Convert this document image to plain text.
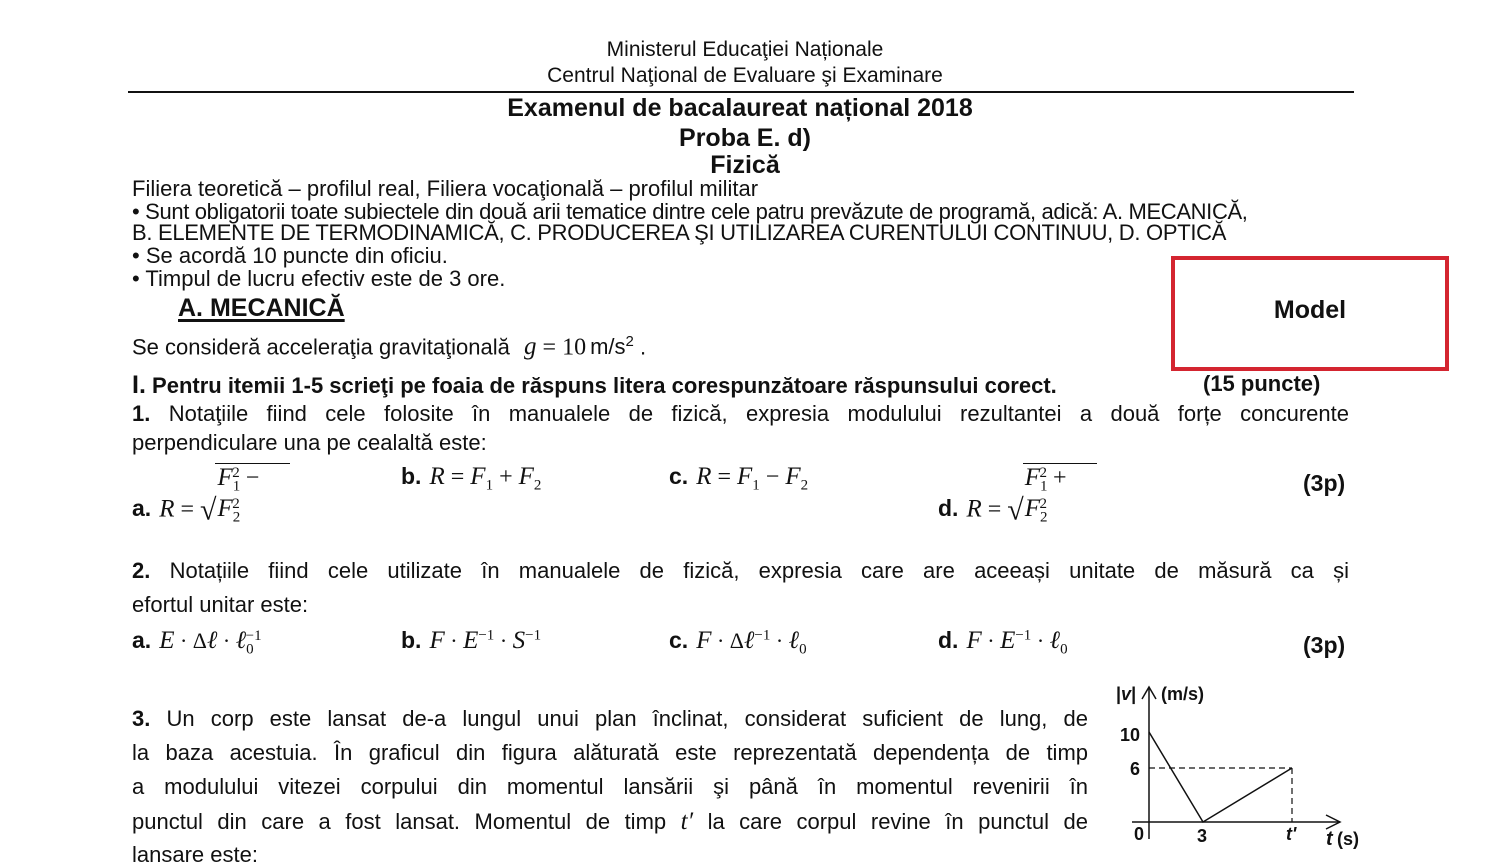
Ministerul Educaţiei Naționale
Centrul Naţional de Evaluare şi Examinare
Examenul de bacalaureat național 2018
Proba E. d)
Fizică
Filiera teoretică – profilul real, Filiera vocaţională – profilul militar
• Sunt obligatorii toate subiectele din două arii tematice dintre cele patru prevăzute de programă, adică: A. MECANICĂ,
B. ELEMENTE DE TERMODINAMICĂ, C. PRODUCEREA ŞI UTILIZAREA CURENTULUI CONTINUU, D. OPTICĂ
• Se acordă 10 puncte din oficiu.
• Timpul de lucru efectiv este de 3 ore.
Model
A. MECANICĂ
Se consideră acceleraţia gravitaţională g = 10 $m/s^2$ .
I. Pentru itemii 1-5 scrieţi pe foaia de răspuns litera corespunzătoare răspunsului corect.	(15 puncte)
1. Notaţiile fiind cele folosite în manualele de fizică, expresia modulului rezultantei a două forțe concurente
perpendiculare una pe cealaltă este:
a. $R = √F_1^2 - F_2^2$
b. $R = F_1 + F_2$	c. $R = F_1 - F_2$
d. $R = √F_1^2 + F_2^2$
(3p)
2. Notațiile fiind cele utilizate în manualele de fizică, expresia care are aceeași unitate de măsură ca și
efortul unitar este:
a. E · Δℓ · ℓ$_0^{-1}$	b. $F \cdot E^{-1} \cdot S^{-1}$	c. F · Δℓ$^{-1}$ · ℓ$_0$	d. $F \cdot E^{-1}$ · ℓ$_0$	(3p)
3. Un corp este lansat de-a lungul unui plan înclinat, considerat suficient de lung, de
la baza acestuia. În graficul din figura alăturată este reprezentată dependența de timp
a modulului vitezei corpului din momentul lansării şi până în momentul revenirii în
punctul din care a fost lansat. Momentul de timp t′ la care corpul revine în punctul de
lansare este:
|v| (m/s)
10
6
0	3	t' t (s)
